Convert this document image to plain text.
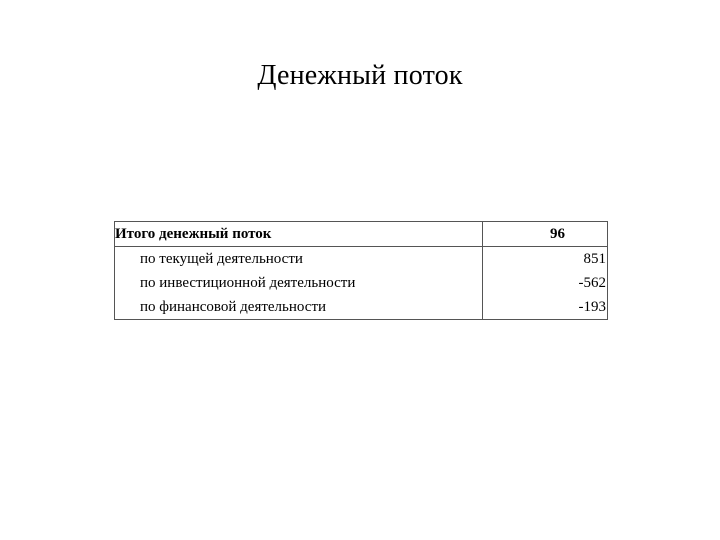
Денежный поток
Итого денежный поток	96
по текущей деятельности	851
по инвестиционной деятельности	-562
по финансовой деятельности	-193
